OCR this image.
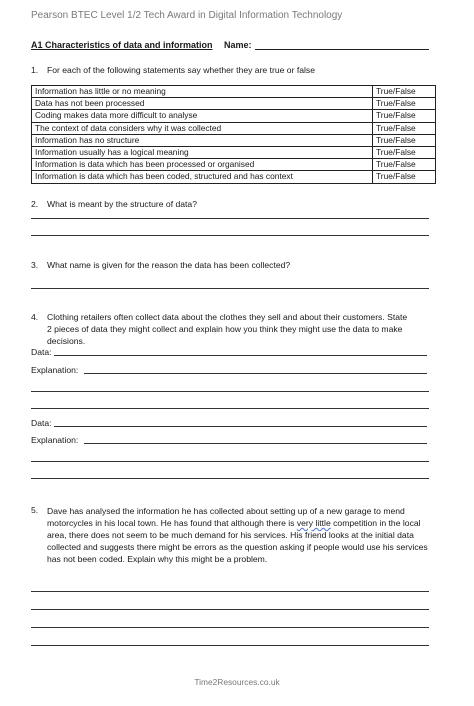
Pearson BTEC Level 1/2 Tech Award in Digital Information Technology
A1 Characteristics of data and information Name:
1. For each of the following statements say whether they are true or false
Information has little or no meaning	True/False
Data has not been processed	True/False
Coding makes data more difficult to analyse	True/False
The context of data considers why it was collected	True/False
Information has no structure	True/False
Information usually has a logical meaning	True/False
Information is data which has been processed or organised	True/False
Information is data which has been coded, structured and has context	True/False
2. What is meant by the structure of data?
3. What name is given for the reason the data has been collected?
4. Clothing retailers often collect data about the clothes they sell and about their customers. State
2 pieces of data they might collect and explain how you think they might use the data to make
decisions.
Data:
Explanation:
Data:
Explanation:
5. Dave has analysed the information he has collected about setting up of a new garage to mend motorcycles in his local town. He has found that although there is very little competition in the local area, there does not seem to be much demand for his services. His friend looks at the initial data collected and suggests there might be errors as the question asking if people would use his services has not been coded. Explain why this might be a problem.
Time2Resources.co.uk
